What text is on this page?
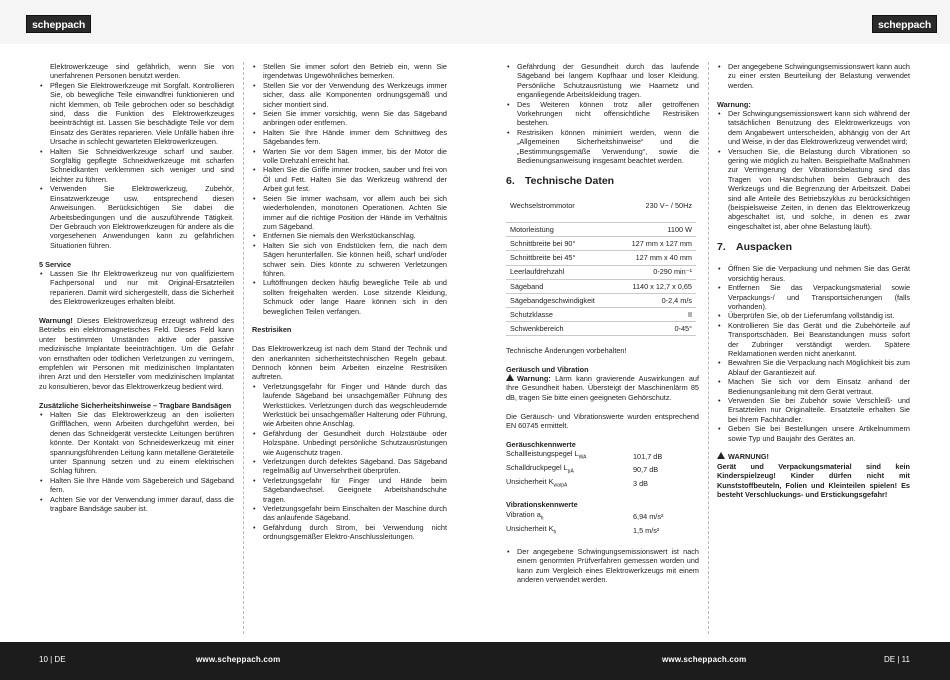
scheppach	scheppach

Elektrowerkzeuge sind gefährlich, wenn Sie von unerfahrenen Personen benutzt werden.

• Pflegen Sie Elektrowerkzeuge mit Sorgfalt. Kontrollieren Sie, ob bewegliche Teile einwandfrei funktionieren und nicht klemmen, ob Teile gebrochen oder so beschädigt sind, dass die Funktion des Elektrowerkzeuges beeinträchtigt ist. Lassen Sie beschädigte Teile vor dem Einsatz des Gerätes reparieren. Viele Unfälle haben ihre Ursache in schlecht gewarteten Elektrowerkzeugen.
• Halten Sie Schneidwerkzeuge scharf und sauber. Sorgfältig gepflegte Schneidwerkzeuge mit scharfen Schneidkanten verklemmen sich weniger und sind leichter zu führen.
• Verwenden Sie Elektrowerkzeug, Zubehör, Einsatzwerkzeuge usw. entsprechend diesen Anweisungen. Berücksichtigen Sie dabei die Arbeitsbedingungen und die auszuführende Tätigkeit. Der Gebrauch von Elektrowerkzeugen für andere als die vorgesehenen Anwendungen kann zu gefährlichen Situationen führen.

5 Service

• Lassen Sie Ihr Elektrowerkzeug nur von qualifiziertem Fachpersonal und nur mit Original-Ersatzteilen reparieren. Damit wird sichergestellt, dass die Sicherheit des Elektrowerkzeuges erhalten bleibt.

Warnung! Dieses Elektrowerkzeug erzeugt während des Betriebs ein elektromagnetisches Feld. Dieses Feld kann unter bestimmten Umständen aktive oder passive medizinische Implantate beeinträchtigen. Um die Gefahr von ernsthaften oder tödlichen Verletzungen zu verringern, empfehlen wir Personen mit medizinischen Implantaten ihren Arzt und den Hersteller vom medizinischen Implantat zu konsultieren, bevor das Elektrowerkzeug bedient wird.

Zusätzliche Sicherheitshinweise – Tragbare Bandsägen

• Halten Sie das Elektrowerkzeug an den isolierten Griffflächen, wenn Arbeiten durchgeführt werden, bei denen das Schneidgerät versteckte Leitungen berühren könnte. Der Kontakt von Schneidewerkzeug mit einer spannungsführenden Leitung kann metallene Geräteteile unter Spannung setzen und zu einem elektrischen Schlag führen.
• Halten Sie Ihre Hände vom Sägebereich und Sägeband fern.
• Achten Sie vor der Verwendung immer darauf, dass die tragbare Bandsäge sauber ist.
• Stellen Sie immer sofort den Betrieb ein, wenn Sie irgendetwas Ungewöhnliches bemerken.
• Stellen Sie vor der Verwendung des Werkzeugs immer sicher, dass alle Komponenten ordnungsgemäß und sicher montiert sind.
• Seien Sie immer vorsichtig, wenn Sie das Sägeband anbringen oder entfernen.
• Halten Sie Ihre Hände immer dem Schnittweg des Sägebandes fern.
• Warten Sie vor dem Sägen immer, bis der Motor die volle Drehzahl erreicht hat.
• Halten Sie die Griffe immer trocken, sauber und frei von Öl und Fett. Halten Sie das Werkzeug während der Arbeit gut fest.
• Seien Sie immer wachsam, vor allem auch bei sich wiederholenden, monotonen Operationen. Achten Sie immer auf die richtige Position der Hände im Verhältnis zum Sägeband.
• Entfernen Sie niemals den Werkstückanschlag.
• Halten Sie sich von Endstücken fern, die nach dem Sägen herunterfallen. Sie können heiß, scharf und/oder schwer sein. Dies könnte zu schweren Verletzungen führen.
• Luftöffnungen decken häufig bewegliche Teile ab und sollten freigehalten werden. Lose sitzende Kleidung, Schmuck oder lange Haare können sich in den beweglichen Teilen verfangen.

Restrisiken

Das Elektrowerkzeug ist nach dem Stand der Technik und den anerkannten sicherheitstechnischen Regeln gebaut. Dennoch können beim Arbeiten einzelne Restrisiken auftreten.

• Verletzungsgefahr für Finger und Hände durch das laufende Sägeband bei unsachgemäßer Führung des Werkstückes. Verletzungen durch das wegschleudernde Werkstück bei unsachgemäßer Halterung oder Führung, wie Arbeiten ohne Anschlag.
• Gefährdung der Gesundheit durch Holzstäube oder Holzspäne. Unbedingt persönliche Schutzausrüstungen wie Augenschutz tragen.
• Verletzungen durch defektes Sägeband. Das Sägeband regelmäßig auf Unversehrtheit überprüfen.
• Verletzungsgefahr für Finger und Hände beim Sägebandwechsel. Geeignete Arbeitshandschuhe tragen.
• Verletzungsgefahr beim Einschalten der Maschine durch das anlaufende Sägeband.
• Gefährdung durch Strom, bei Verwendung nicht ordnungsgemäßer Elektro-Anschlussleitungen.
• Gefährdung der Gesundheit durch das laufende Sägeband bei langem Kopfhaar und loser Kleidung. Persönliche Schutzausrüstung wie Haarnetz und enganliegende Arbeitskleidung tragen.
• Des Weiteren können trotz aller getroffenen Vorkehrungen nicht offensichtliche Restrisiken bestehen.
• Restrisiken können minimiert werden, wenn die „Allgemeinen Sicherheitshinweise“ und die „Bestimmungsgemäße Verwendung“, sowie die Bedienungsanweisung insgesamt beachtet werden.

6. Technische Daten

Wechselstrommotor	230 V~ / 50Hz
Motorleistung	1100 W
Schnittbreite bei 90°	127 mm x 127 mm
Schnittbreite bei 45°	127 mm x 40 mm
Leerlaufdrehzahl	0-290 min⁻¹
Sägeband	1140 x 12,7 x 0,65
Sägebandgeschwindigkeit	0-2,4 m/s
Schutzklasse	II
Schwenkbereich	0-45°

Technische Änderungen vorbehalten!

Geräusch und Vibration

Warnung: Lärm kann gravierende Auswirkungen auf Ihre Gesundheit haben. Übersteigt der Maschinenlärm 85 dB, tragen Sie bitte einen geeigneten Gehörschutz.

Die Geräusch- und Vibrationswerte wurden entsprechend EN 60745 ermittelt.

Geräuschkennwerte

Schallleistungspegel $L_{WA}$	101,7 dB
Schalldruckpegel $L_{pA}$	90,7 dB
Unsicherheit $K_{wa/pA}$	3 dB

Vibrationskennwerte

Vibration $a_h$	6,94 m/s²
Unsicherheit $K_h$	1,5 m/s²
• Der angegebene Schwingungsemissionswert ist nach einem genormten Prüfverfahren gemessen worden und kann zum Vergleich eines Elektrowerkzeugs mit einem anderen verwendet werden.
• Der angegebene Schwingungsemissionswert kann auch zu einer ersten Beurteilung der Belastung verwendet werden.

Warnung:

• Der Schwingungsemissionswert kann sich während der tatsächlichen Benutzung des Elektrowerkzeugs von dem Angabewert unterscheiden, abhängig von der Art und Weise, in der das Elektrowerkzeug verwendet wird;
• Versuchen Sie, die Belastung durch Vibrationen so gering wie möglich zu halten. Beispielhafte Maßnahmen zur Verringerung der Vibrationsbelastung sind das Tragen von Handschuhen beim Gebrauch des Werkzeugs und die Begrenzung der Arbeitszeit. Dabei sind alle Anteile des Betriebszyklus zu berücksichtigen (beispielsweise Zeiten, in denen das Elektrowerkzeug abgeschaltet ist, und solche, in denen es zwar eingeschaltet ist, aber ohne Belastung läuft).

7. Auspacken

• Öffnen Sie die Verpackung und nehmen Sie das Gerät vorsichtig heraus.
• Entfernen Sie das Verpackungsmaterial sowie Verpackungs-/ und Transportsicherungen (falls vorhanden).
• Überprüfen Sie, ob der Lieferumfang vollständig ist.
• Kontrollieren Sie das Gerät und die Zubehörteile auf Transportschäden. Bei Beanstandungen muss sofort der Zubringer verständigt werden. Spätere Reklamationen werden nicht anerkannt.
• Bewahren Sie die Verpackung nach Möglichkeit bis zum Ablauf der Garantiezeit auf.
• Machen Sie sich vor dem Einsatz anhand der Bedienungsanleitung mit dem Gerät vertraut.
• Verwenden Sie bei Zubehör sowie Verschleiß- und Ersatzteilen nur Originalteile. Ersatzteile erhalten Sie bei Ihrem Fachhändler.
• Geben Sie bei Bestellungen unsere Artikelnummern sowie Typ und Baujahr des Gerätes an.

WARNUNG!

Gerät und Verpackungsmaterial sind kein Kinderspielzeug! Kinder dürfen nicht mit Kunststoffbeuteln, Folien und Kleinteilen spielen! Es besteht Verschluckungs- und Erstickungsgefahr!

10 | DE	www.scheppach.com	www.scheppach.com	DE | 11
